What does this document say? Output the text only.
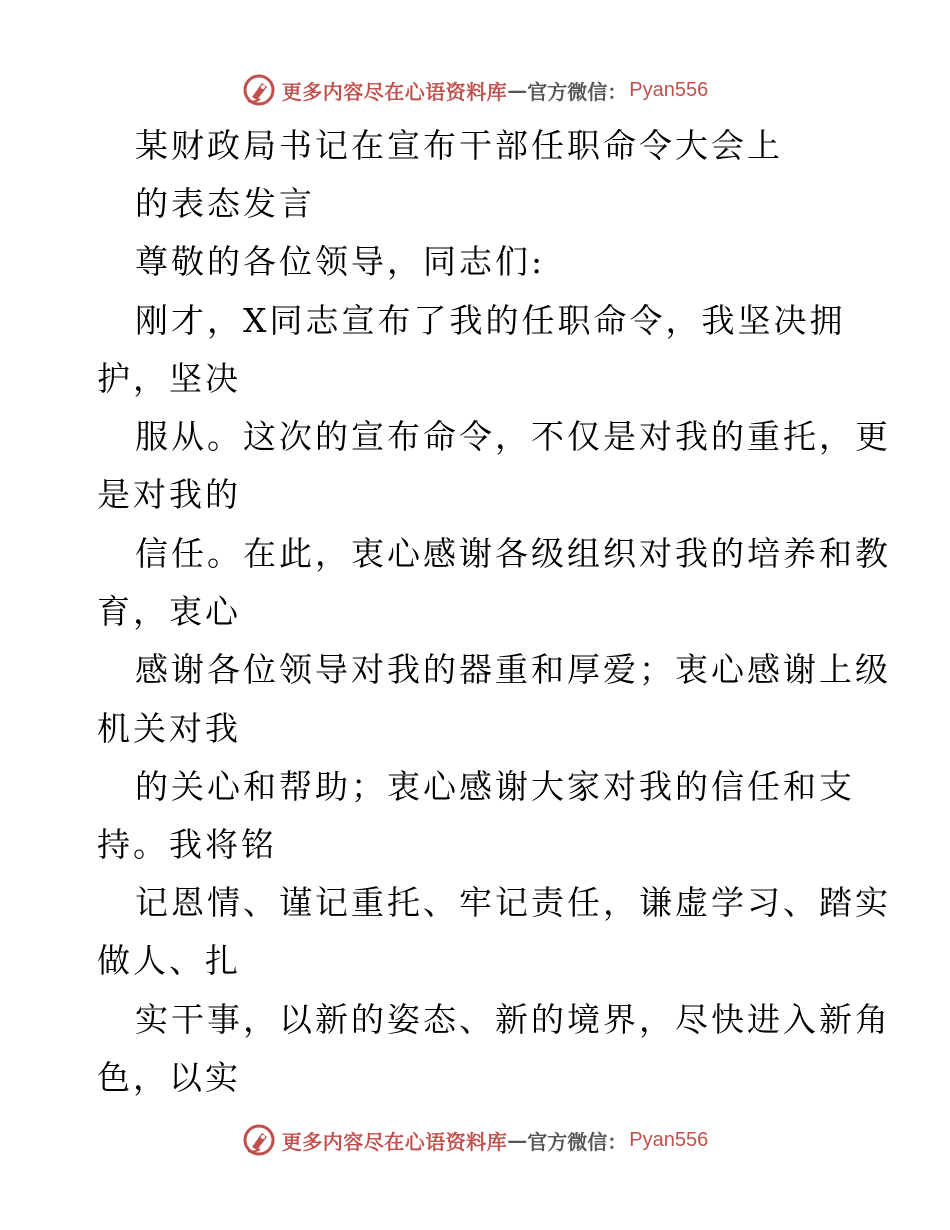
更多内容尽在心语资料库 — 官方微信： Pyan556
某财政局书记在宣布干部任职命令大会上
的表态发言
尊敬的各位领导，同志们:
刚才，X同志宣布了我的任职命令，我坚决拥
护，坚决
服从。这次的宣布命令，不仅是对我的重托，更
是对我的
信任。在此，衷心感谢各级组织对我的培养和教
育，衷心
感谢各位领导对我的器重和厚爱；衷心感谢上级
机关对我
的关心和帮助；衷心感谢大家对我的信任和支
持。我将铭
记恩情、谨记重托、牢记责任，谦虚学习、踏实
做人、扎
实干事，以新的姿态、新的境界，尽快进入新角
色，以实
更多内容尽在心语资料库 — 官方微信： Pyan556
